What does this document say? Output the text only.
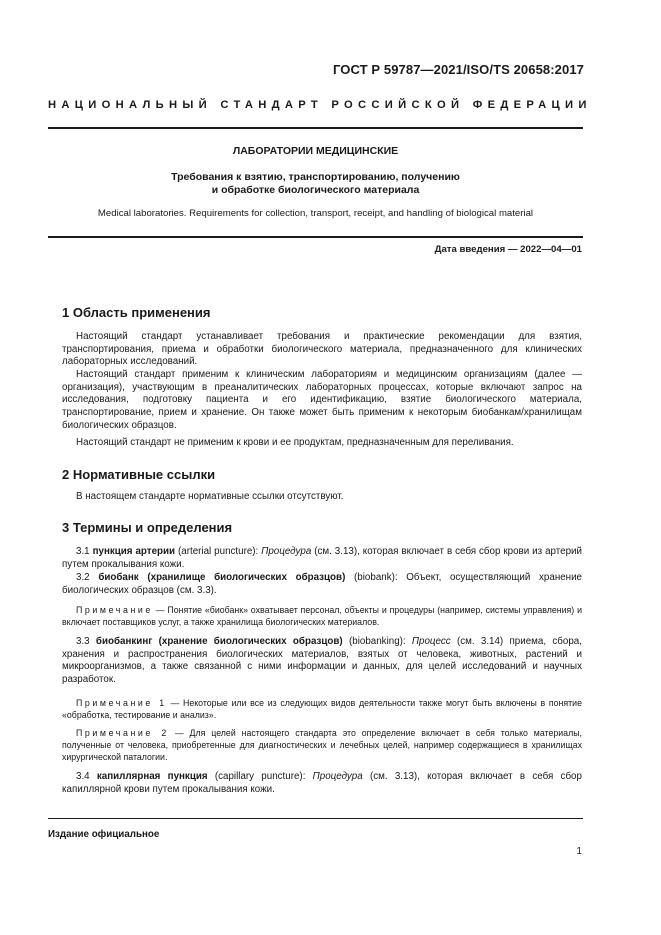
ГОСТ Р 59787—2021/ISO/TS 20658:2017
НАЦИОНАЛЬНЫЙ СТАНДАРТ РОССИЙСКОЙ ФЕДЕРАЦИИ
ЛАБОРАТОРИИ МЕДИЦИНСКИЕ
Требования к взятию, транспортированию, получению
и обработке биологического материала
Medical laboratories. Requirements for collection, transport, receipt, and handling of biological material
Дата введения — 2022—04—01
1 Область применения
Настоящий стандарт устанавливает требования и практические рекомендации для взятия, транспортирования, приема и обработки биологического материала, предназначенного для клинических лабораторных исследований.
Настоящий стандарт применим к клиническим лабораториям и медицинским организациям (далее — организация), участвующим в преаналитических лабораторных процессах, которые включают запрос на исследования, подготовку пациента и его идентификацию, взятие биологического материала, транспортирование, прием и хранение. Он также может быть применим к некоторым биобанкам/хранилищам биологических образцов.
Настоящий стандарт не применим к крови и ее продуктам, предназначенным для переливания.
2 Нормативные ссылки
В настоящем стандарте нормативные ссылки отсутствуют.
3 Термины и определения
3.1 пункция артерии (arterial puncture): Процедура (см. 3.13), которая включает в себя сбор крови из артерий путем прокалывания кожи.
3.2 биобанк (хранилище биологических образцов) (biobank): Объект, осуществляющий хранение биологических образцов (см. 3.3).
Примечание — Понятие «биобанк» охватывает персонал, объекты и процедуры (например, системы управления) и включает поставщиков услуг, а также хранилища биологических материалов.
3.3 биобанкинг (хранение биологических образцов) (biobanking): Процесс (см. 3.14) приема, сбора, хранения и распространения биологических материалов, взятых от человека, животных, растений и микроорганизмов, а также связанной с ними информации и данных, для целей исследований и научных разработок.
Примечание 1 — Некоторые или все из следующих видов деятельности также могут быть включены в понятие «обработка, тестирование и анализ».
Примечание 2 — Для целей настоящего стандарта это определение включает в себя только материалы, полученные от человека, приобретенные для диагностических и лечебных целей, например содержащиеся в хранилищах хирургической паталогии.
3.4 капиллярная пункция (capillary puncture): Процедура (см. 3.13), которая включает в себя сбор капиллярной крови путем прокалывания кожи.
Издание официальное
1
